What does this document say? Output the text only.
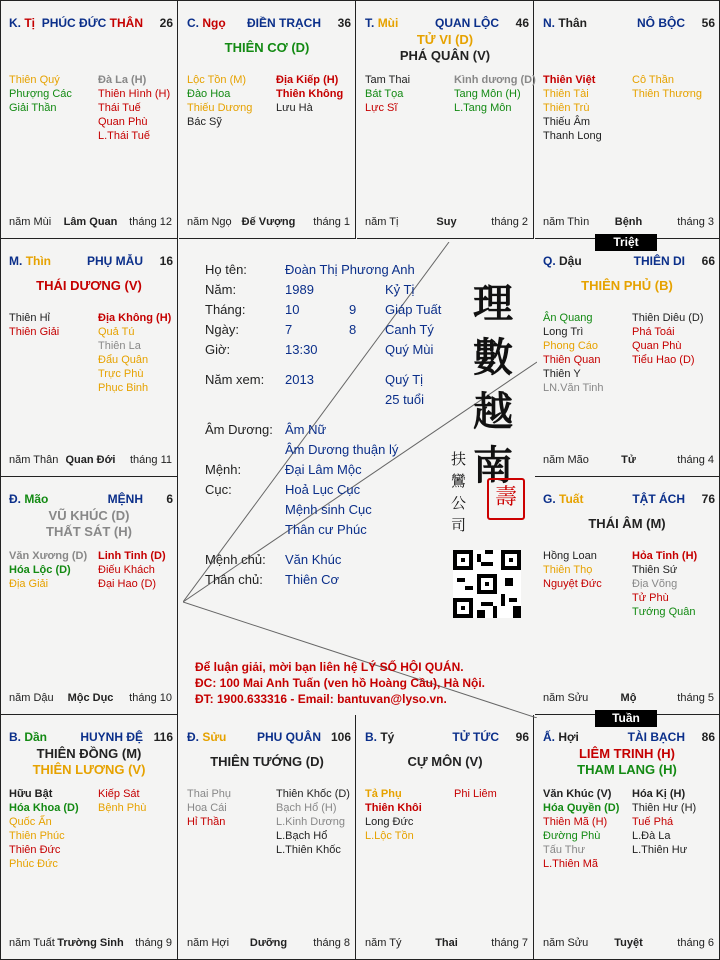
K. Tị PHÚC ĐỨC THÂN 26
Thiên Quý
Phượng Các
Giải Thần
Đà La (H)
Thiên Hình (H)
Thái Tuế
Quan Phù
L.Thái Tuế
năm Mùi	Lâm Quan	tháng 12
C. Ngọ ĐIỀN TRẠCH 36
THIÊN CƠ (D)
Lộc Tồn (M)
Đào Hoa
Thiếu Dương
Bác Sỹ
Địa Kiếp (H)
Thiên Không
Lưu Hà
năm Ngọ Đế Vượng	tháng 1
T. Mùi	QUAN LỘC 46
TỬ VI (D)
PHÁ QUÂN (V)
Tam Thai
Bát Tọa
Lực Sĩ
Kình dương (D)
Tang Môn (H)
L.Tang Môn
năm Tị	Suy	tháng 2
N. Thân	NÔ BỘC 56
Thiên Việt
Thiên Tài
Thiên Trù
Thiếu Âm
Thanh Long
Cô Thần
Thiên Thương
năm Thìn	Bệnh	tháng 3
M. Thìn	PHỤ MẪU 16
THÁI DƯƠNG (V)
Thiên Hỉ
Thiên Giải
Địa Không (H)
Quả Tú
Thiên La
Đẩu Quân
Trực Phù
Phục Binh
năm Thân Quan Đới	tháng 11
Q. Dậu	THIÊN DI 66
THIÊN PHỦ (B)
Ân Quang
Long Trì
Phong Cáo
Thiên Quan
Thiên Y
LN.Văn Tinh
Thiên Diêu (D)
Phá Toái
Quan Phù
Tiểu Hao (D)
năm Mão	Tử	tháng 4
Đ. Mão	MỆNH 6
VŨ KHÚC (D)
THẤT SÁT (H)
Văn Xương (D)
Hóa Lộc (D)
Địa Giải
Linh Tinh (D)
Điếu Khách
Đại Hao (D)
năm Dậu	Mộc Dục	tháng 10
G. Tuất	TẬT ÁCH 76
THÁI ÂM (M)
Hồng Loan
Thiên Thọ
Nguyệt Đức
Hỏa Tinh (H)
Thiên Sứ
Địa Võng
Tử Phù
Tướng Quân
năm Sửu	Mộ	tháng 5
B. Dần	HUYNH ĐỆ 116
THIÊN ĐỒNG (M)
THIÊN LƯƠNG (V)
Hữu Bật
Hóa Khoa (D)
Quốc Ấn
Thiên Phúc
Thiên Đức
Phúc Đức
Kiếp Sát
Bệnh Phù
năm Tuất Trường Sinh	tháng 9
Đ. Sửu	PHU QUÂN 106
THIÊN TƯỚNG (D)
Thai Phụ
Hoa Cái
Hỉ Thần
Thiên Khốc (D)
Bạch Hổ (H)
L.Kinh Dương
L.Bạch Hổ
L.Thiên Khốc
năm Hợi	Dưỡng	tháng 8
B. Tý	TỬ TỨC 96
CỰ MÔN (V)
Tả Phụ
Thiên Khôi
Long Đức
L.Lộc Tồn
Phi Liêm
năm Tý	Thai	tháng 7
Ấ. Hợi	TÀI BẠCH 86
LIÊM TRINH (H)
THAM LANG (H)
Văn Khúc (V)
Hóa Quyền (D)
Thiên Mã (H)
Đường Phù
Tấu Thư
L.Thiên Mã
Hóa Kị (H)
Thiên Hư (H)
Tuế Phá
L.Đà La
L.Thiên Hư
năm Sửu	Tuyệt	tháng 6
Triệt
Tuần
Họ tên:	Đoàn Thị Phương Anh
Năm:	1989	Kỷ Tị
Tháng:	10	9 Giáp Tuất
Ngày:	7	8 Canh Tý
Giờ:	13:30	Quý Mùi
Năm xem: 2013	Quý Tị
25 tuổi
Âm Dương: Âm Nữ
Âm Dương thuận lý
Mệnh:	Đại Lâm Mộc
Cục:	Hoả Lục Cục
Mệnh sinh Cục
Thân cư Phúc
Mệnh chủ: Văn Khúc
Thân chủ: Thiên Cơ
理
數
越
南
扶
鸞
公
司
壽
Để luận giải, mời bạn liên hệ LÝ SỐ HỘI QUÁN.
ĐC: 100 Mai Anh Tuấn (ven hồ Hoàng Cầu), Hà Nội.
ĐT: 1900.633316 - Email: bantuvan@lyso.vn.
